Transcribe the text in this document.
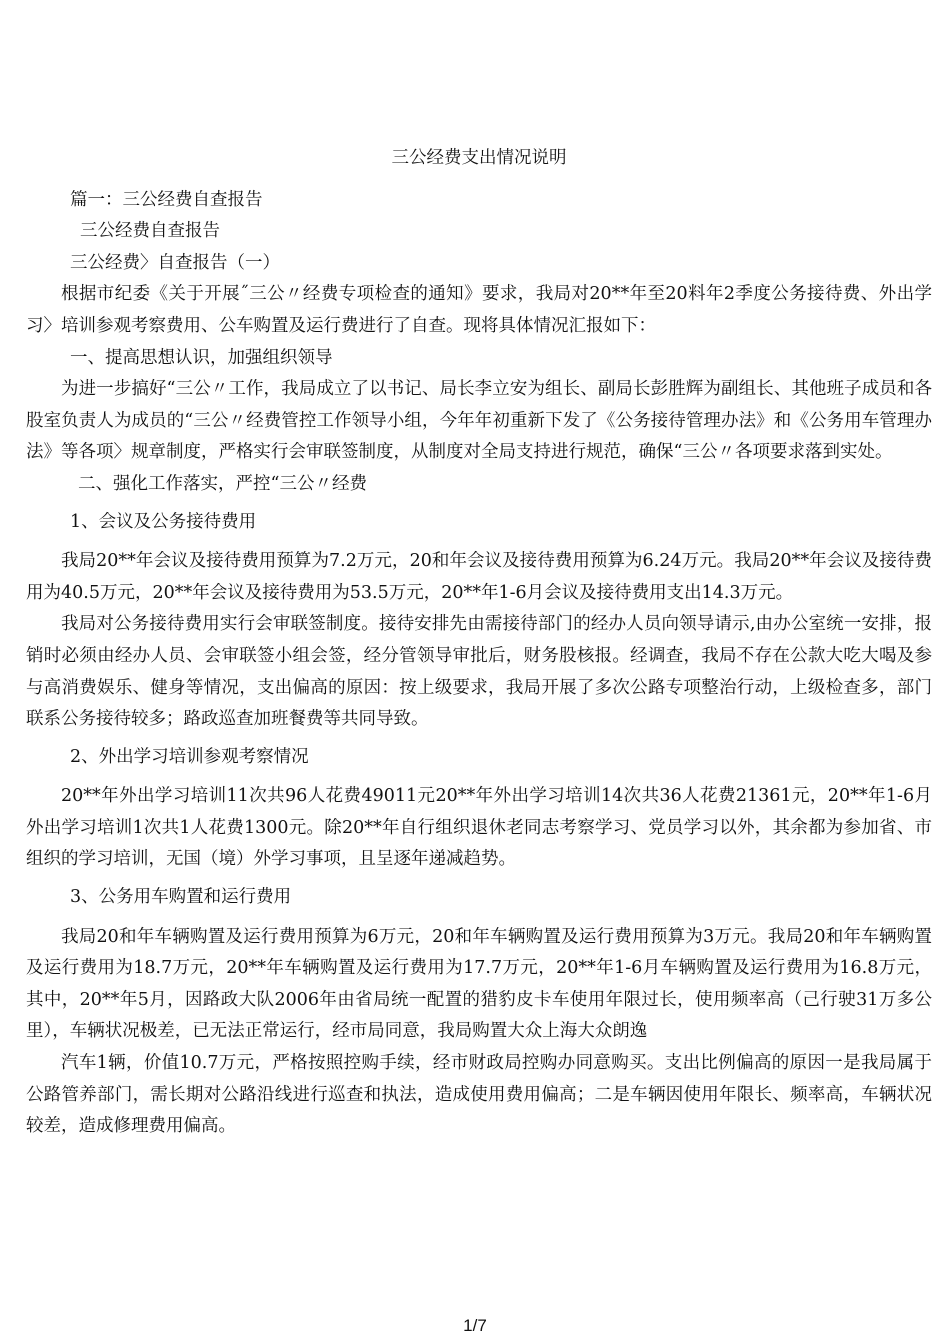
三公经费支出情况说明
篇一：三公经费自查报告
三公经费自查报告
三公经费〉自查报告（一）

根据市纪委《关于开展˝三公〃经费专项检查的通知》要求，我局对20**年至20料年2季度公务接待费、外出学习〉培训参观考察费用、公车购置及运行费进行了自查。现将具体情况汇报如下：

一、提高思想认识，加强组织领导

为进一步搞好“三公〃工作，我局成立了以书记、局长李立安为组长、副局长彭胜辉为副组长、其他班子成员和各股室负责人为成员的“三公〃经费管控工作领导小组，今年年初重新下发了《公务接待管理办法》和《公务用车管理办法》等各项〉规章制度，严格实行会审联签制度，从制度对全局支持进行规范，确保“三公〃各项要求落到实处。

二、强化工作落实，严控“三公〃经费
1、会议及公务接待费用

我局20**年会议及接待费用预算为7.2万元，20和年会议及接待费用预算为6.24万元。我局20**年会议及接待费用为40.5万元，20**年会议及接待费用为53.5万元，20**年1-6月会议及接待费用支出14.3万元。

我局对公务接待费用实行会审联签制度。接待安排先由需接待部门的经办人员向领导请示,由办公室统一安排，报销时必须由经办人员、会审联签小组会签，经分管领导审批后，财务股核报。经调查，我局不存在公款大吃大喝及参与高消费娱乐、健身等情况，支出偏高的原因：按上级要求，我局开展了多次公路专项整治行动，上级检查多，部门联系公务接待较多；路政巡查加班餐费等共同导致。

2、外出学习培训参观考察情况

20**年外出学习培训11次共96人花费49011元20**年外出学习培训14次共36人花费21361元，20**年1-6月外出学习培训1次共1人花费1300元。除20**年自行组织退休老同志考察学习、党员学习以外，其余都为参加省、市组织的学习培训，无国（境）外学习事项，且呈逐年递减趋势。

3、公务用车购置和运行费用

我局20和年车辆购置及运行费用预算为6万元，20和年车辆购置及运行费用预算为3万元。我局20和年车辆购置及运行费用为18.7万元，20**年车辆购置及运行费用为17.7万元，20**年1-6月车辆购置及运行费用为16.8万元，其中，20**年5月，因路政大队2006年由省局统一配置的猎豹皮卡车使用年限过长，使用频率高（己行驶31万多公里），车辆状况极差，已无法正常运行，经市局同意，我局购置大众上海大众朗逸

汽车1辆，价值10.7万元，严格按照控购手续，经市财政局控购办同意购买。支出比例偏高的原因一是我局属于公路管养部门，需长期对公路沿线进行巡查和执法，造成使用费用偏高；二是车辆因使用年限长、频率高，车辆状况较差，造成修理费用偏高。

1/7
